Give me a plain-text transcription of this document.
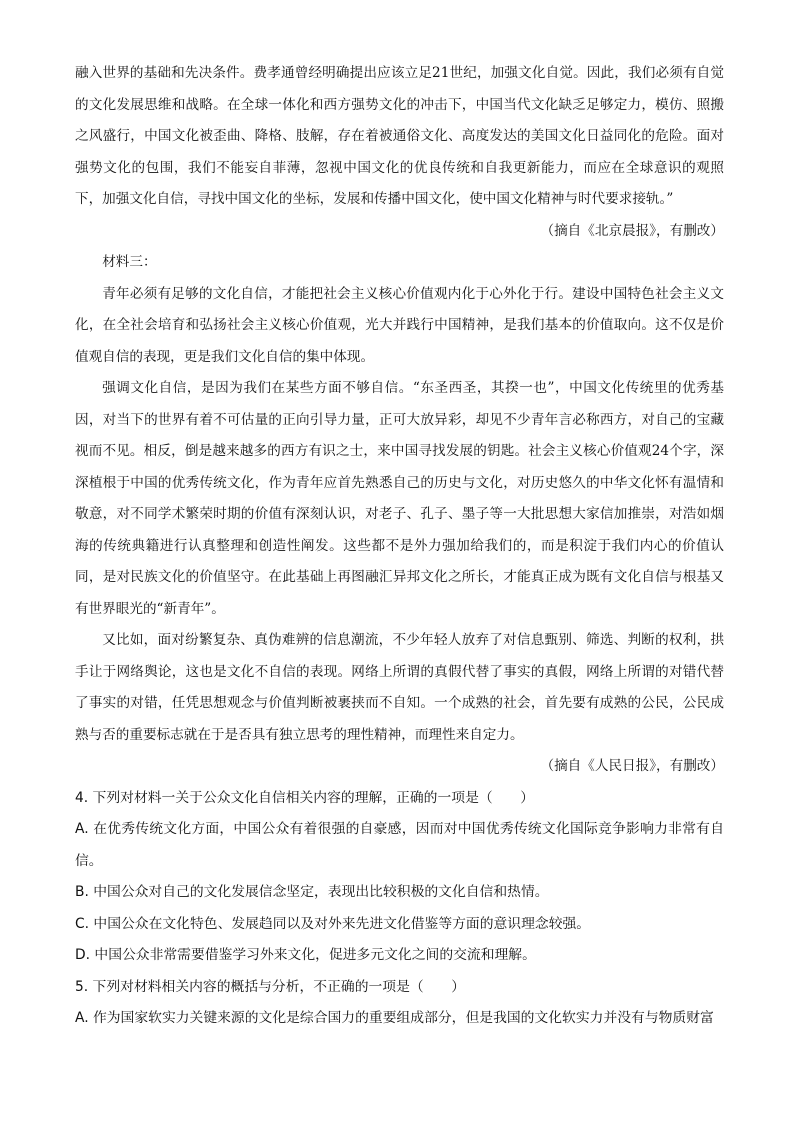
融入世界的基础和先决条件。费孝通曾经明确提出应该立足21世纪，加强文化自觉。因此，我们必须有自觉的文化发展思维和战略。在全球一体化和西方强势文化的冲击下，中国当代文化缺乏足够定力，模仿、照搬之风盛行，中国文化被歪曲、降格、肢解，存在着被通俗文化、高度发达的美国文化日益同化的危险。面对强势文化的包围，我们不能妄自菲薄，忽视中国文化的优良传统和自我更新能力，而应在全球意识的观照下，加强文化自信，寻找中国文化的坐标，发展和传播中国文化，使中国文化精神与时代要求接轨。”

（摘自《北京晨报》，有删改）

材料三：

青年必须有足够的文化自信，才能把社会主义核心价值观内化于心外化于行。建设中国特色社会主义文化，在全社会培育和弘扬社会主义核心价值观，光大并践行中国精神，是我们基本的价值取向。这不仅是价值观自信的表现，更是我们文化自信的集中体现。

强调文化自信，是因为我们在某些方面不够自信。“东圣西圣，其揆一也”，中国文化传统里的优秀基因，对当下的世界有着不可估量的正向引导力量，正可大放异彩，却见不少青年言必称西方，对自己的宝藏视而不见。相反，倒是越来越多的西方有识之士，来中国寻找发展的钥匙。社会主义核心价值观24个字，深深植根于中国的优秀传统文化，作为青年应首先熟悉自己的历史与文化，对历史悠久的中华文化怀有温情和敬意，对不同学术繁荣时期的价值有深刻认识，对老子、孔子、墨子等一大批思想大家信加推崇，对浩如烟海的传统典籍进行认真整理和创造性阐发。这些都不是外力强加给我们的，而是积淀于我们内心的价值认同，是对民族文化的价值坚守。在此基础上再图融汇异邦文化之所长，才能真正成为既有文化自信与根基又有世界眼光的“新青年”。

又比如，面对纷繁复杂、真伪难辨的信息潮流，不少年轻人放弃了对信息甄别、筛选、判断的权利，拱手让于网络舆论，这也是文化不自信的表现。网络上所谓的真假代替了事实的真假，网络上所谓的对错代替了事实的对错，任凭思想观念与价值判断被裹挟而不自知。一个成熟的社会，首先要有成熟的公民，公民成熟与否的重要标志就在于是否具有独立思考的理性精神，而理性来自定力。

（摘自《人民日报》，有删改）

4. 下列对材料一关于公众文化自信相关内容的理解，正确的一项是（　　）

A. 在优秀传统文化方面，中国公众有着很强的自豪感，因而对中国优秀传统文化国际竞争影响力非常有自信。

B. 中国公众对自己的文化发展信念坚定，表现出比较积极的文化自信和热情。

C. 中国公众在文化特色、发展趋同以及对外来先进文化借鉴等方面的意识理念较强。

D. 中国公众非常需要借鉴学习外来文化，促进多元文化之间的交流和理解。

5. 下列对材料相关内容的概括与分析，不正确的一项是（　　）

A. 作为国家软实力关键来源的文化是综合国力的重要组成部分，但是我国的文化软实力并没有与物质财富
